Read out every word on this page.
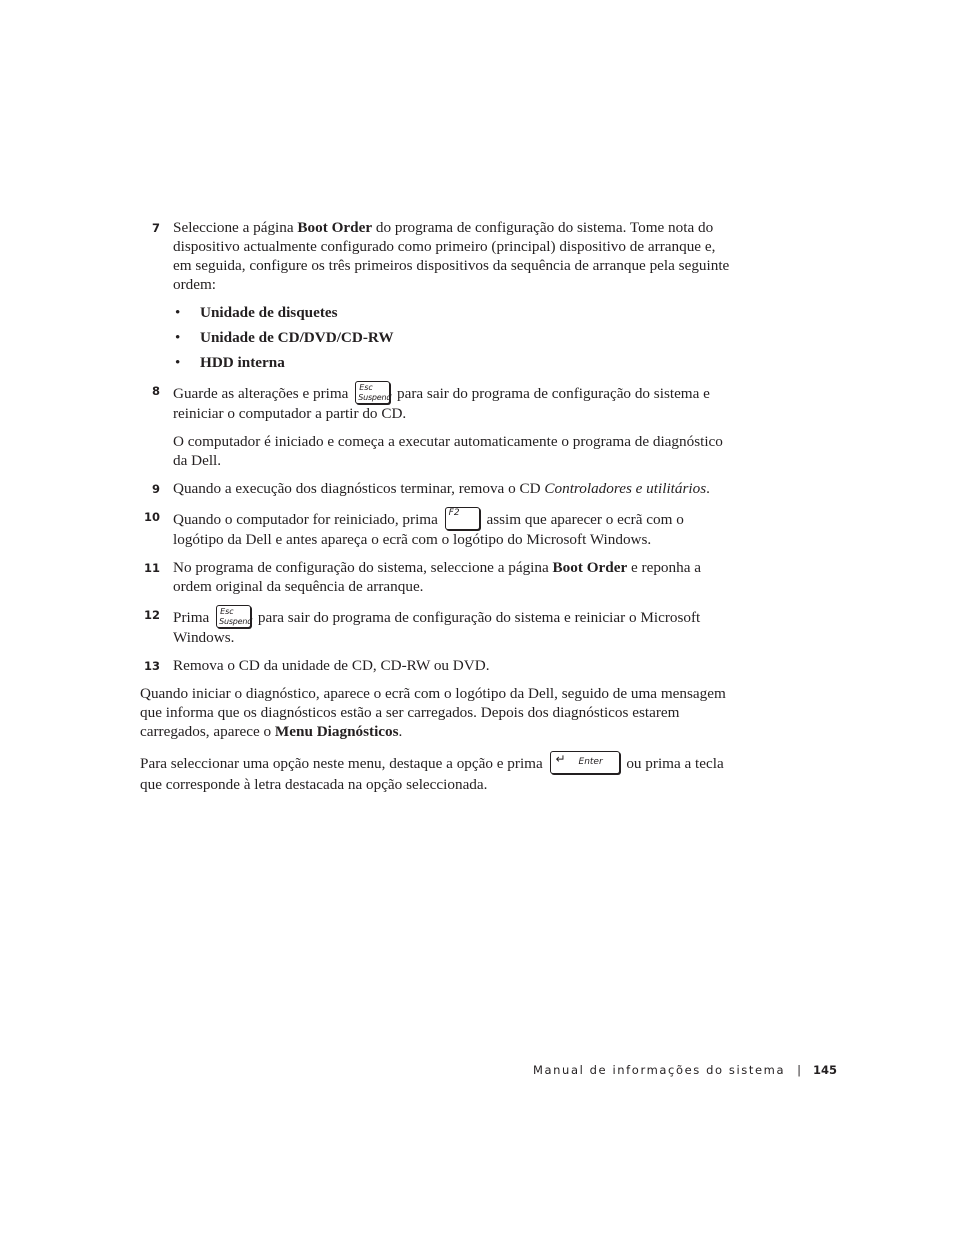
7 Seleccione a página Boot Order do programa de configuração do sistema. Tome nota do dispositivo actualmente configurado como primeiro (principal) dispositivo de arranque e, em seguida, configure os três primeiros dispositivos da sequência de arranque pela seguinte ordem:
• Unidade de disquetes
• Unidade de CD/DVD/CD-RW
• HDD interna
8 Guarde as alterações e prima Esc
Suspend para sair do programa de configuração do sistema e reiniciar o computador a partir do CD.
O computador é iniciado e começa a executar automaticamente o programa de diagnóstico da Dell.
9 Quando a execução dos diagnósticos terminar, remova o CD Controladores e utilitários.
10 Quando o computador for reiniciado, prima F2 assim que aparecer o ecrã com o logótipo da Dell e antes apareça o ecrã com o logótipo do Microsoft Windows.
11 No programa de configuração do sistema, seleccione a página Boot Order e reponha a ordem original da sequência de arranque.
12 Prima Esc
Suspend para sair do programa de configuração do sistema e reiniciar o Microsoft Windows.
13 Remova o CD da unidade de CD, CD-RW ou DVD.
Quando iniciar o diagnóstico, aparece o ecrã com o logótipo da Dell, seguido de uma mensagem que informa que os diagnósticos estão a ser carregados. Depois dos diagnósticos estarem carregados, aparece o Menu Diagnósticos.
Para seleccionar uma opção neste menu, destaque a opção e prima ↵ Enter ou prima a tecla que corresponde à letra destacada na opção seleccionada.
Manual de informações do sistema | 145
